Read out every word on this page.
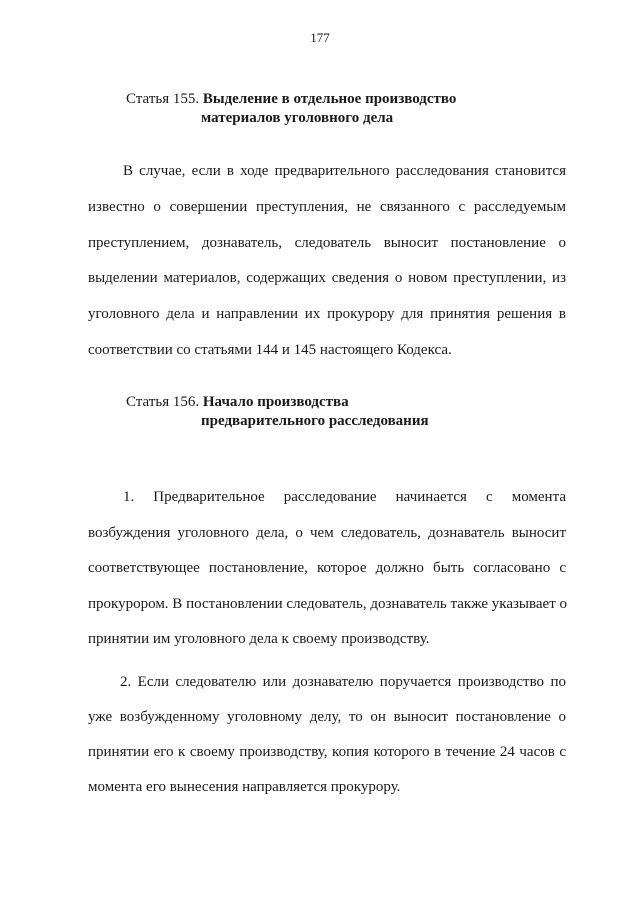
177
Статья 155. Выделение в отдельное производство
материалов уголовного дела
В случае, если в ходе предварительного расследования становится
известно о совершении преступления, не связанного с расследуемым
преступлением, дознаватель, следователь выносит постановление о
выделении материалов, содержащих сведения о новом преступлении, из
уголовного дела и направлении их прокурору для принятия решения в
соответствии со статьями 144 и 145 настоящего Кодекса.
Статья 156. Начало производства
предварительного расследования
1. Предварительное расследование начинается с момента
возбуждения уголовного дела, о чем следователь, дознаватель выносит
соответствующее постановление, которое должно быть согласовано с
прокурором. В постановлении следователь, дознаватель также указывает о
принятии им уголовного дела к своему производству.
2. Если следователю или дознавателю поручается производство по
уже возбужденному уголовному делу, то он выносит постановление о
принятии его к своему производству, копия которого в течение 24 часов с
момента его вынесения направляется прокурору.
